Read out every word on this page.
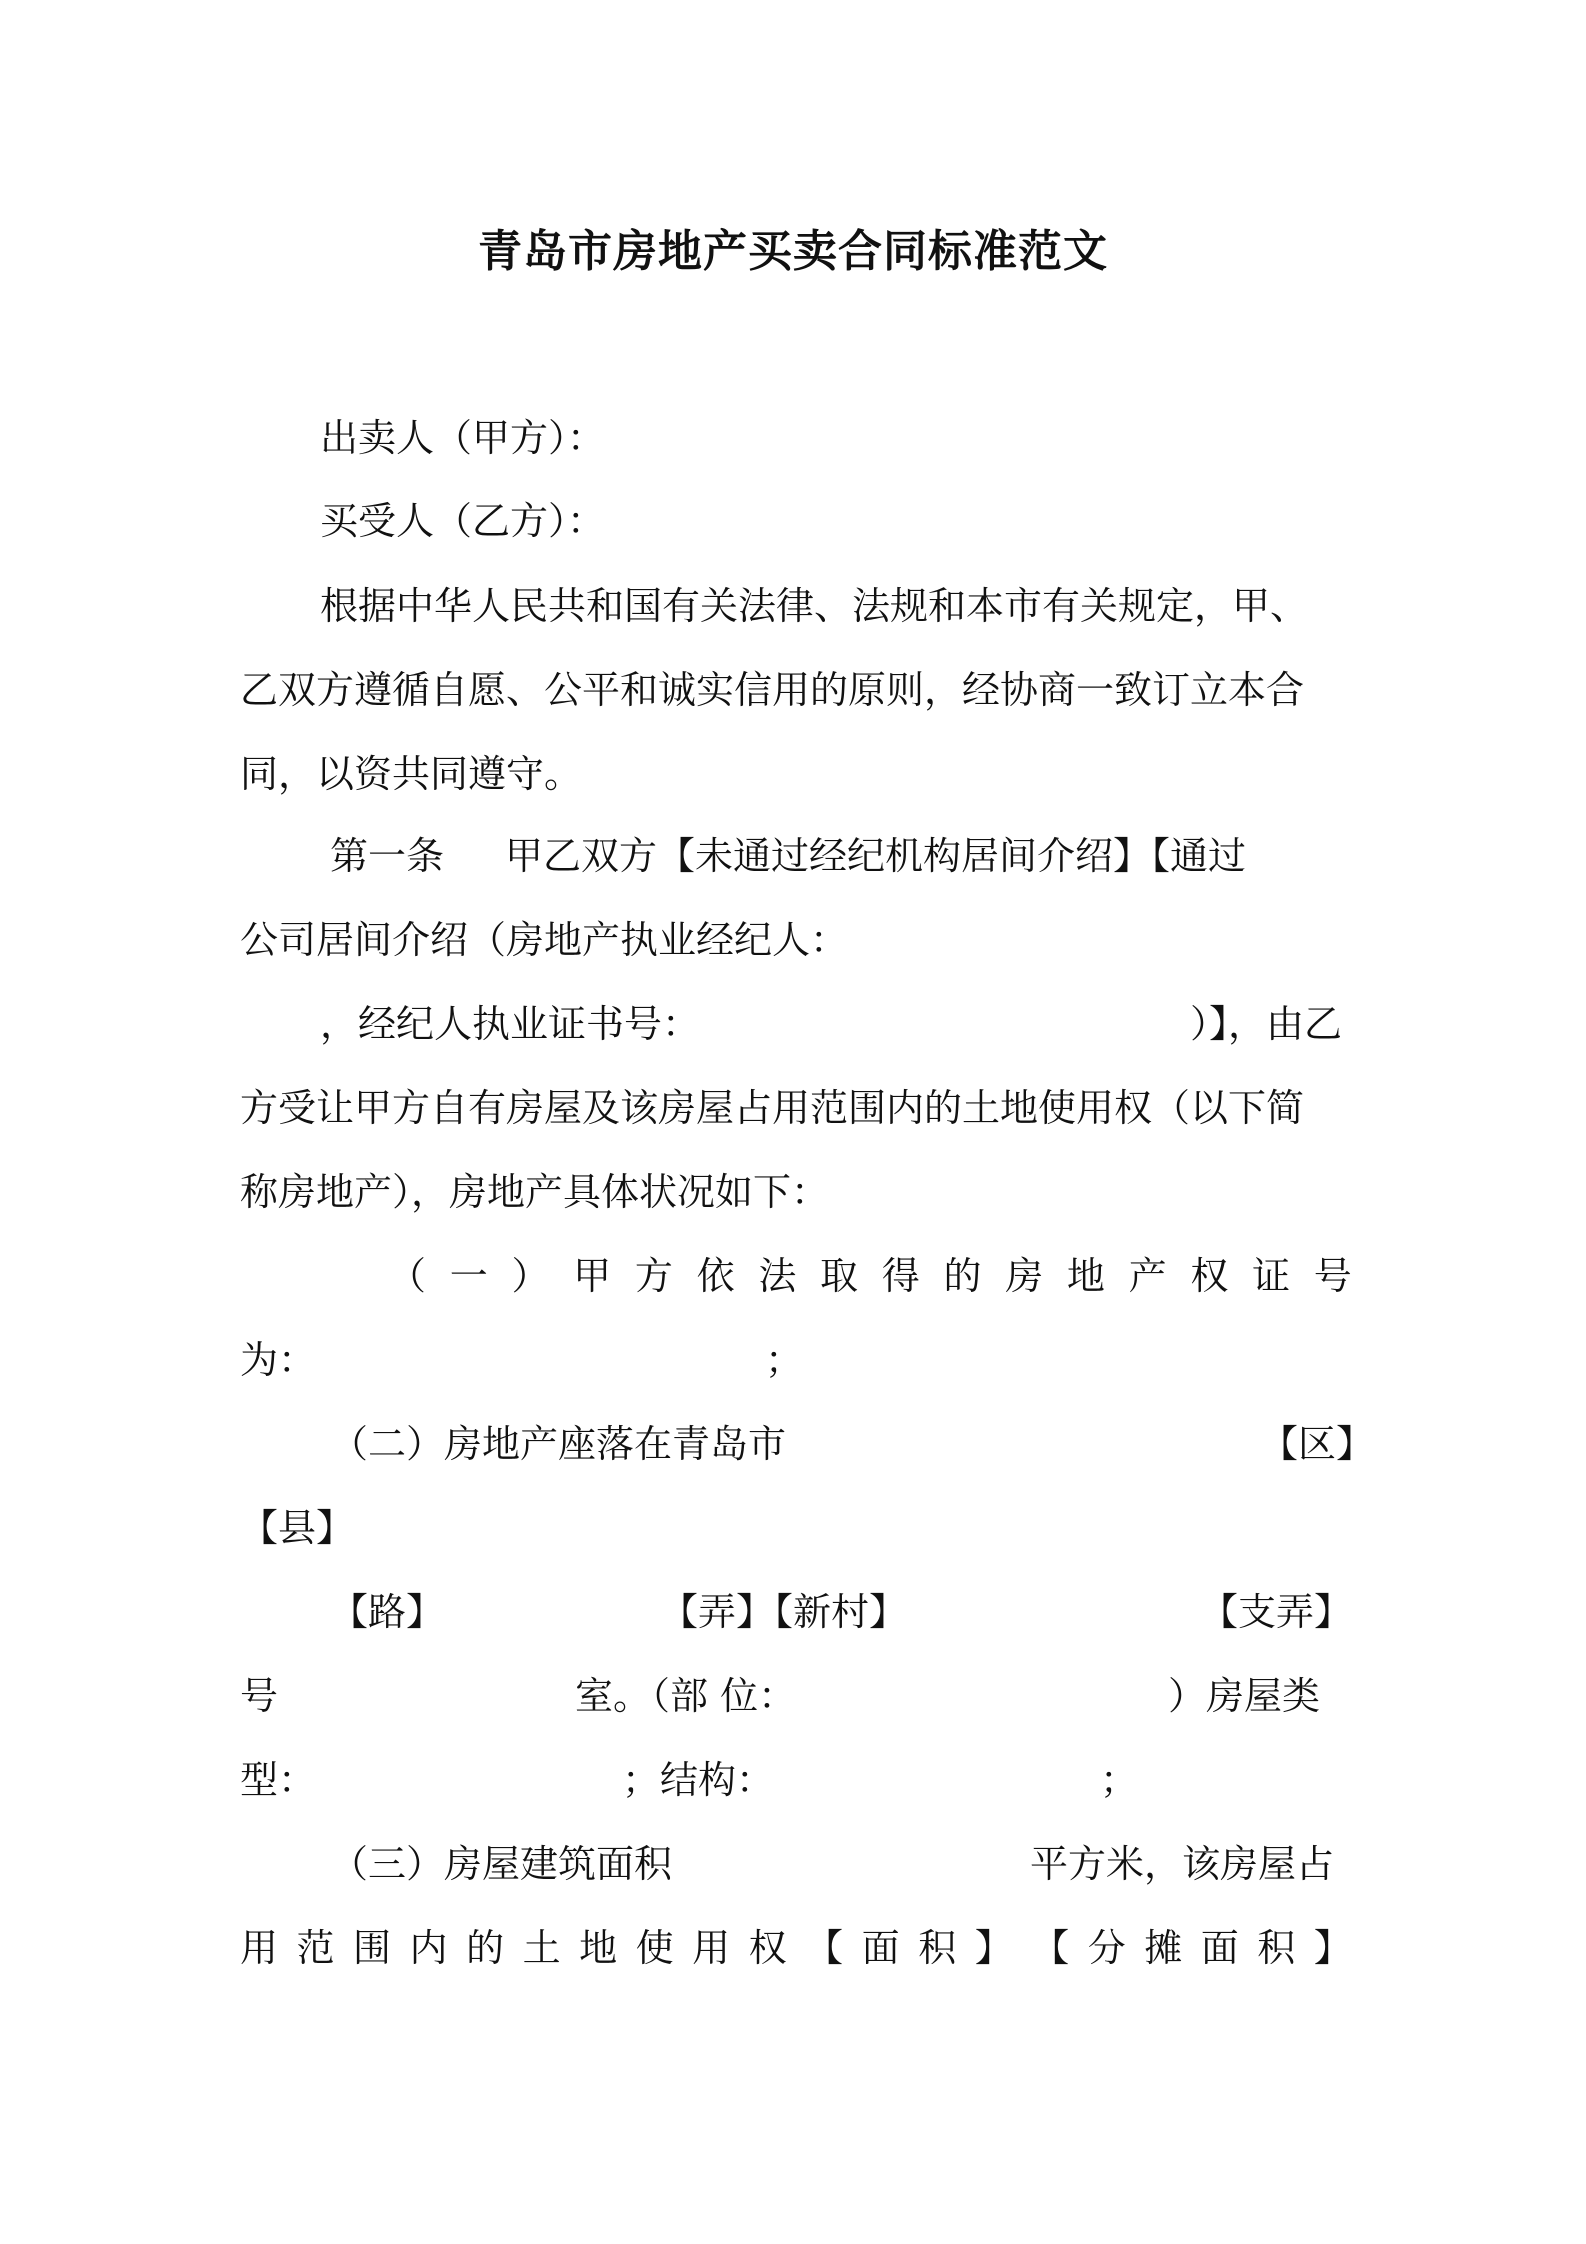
青岛市房地产买卖合同标准范文
出卖人（甲方）：
买受人（乙方）：
根据中华人民共和国有关法律、法规和本市有关规定，甲、
乙双方遵循自愿、公平和诚实信用的原则，经协商一致订立本合
同，以资共同遵守。
第一条 甲乙双方【未通过经纪机构居间介绍】【通过
公司居间介绍（房地产执业经纪人：
，经纪人执业证书号：	）】，由乙
方受让甲方自有房屋及该房屋占用范围内的土地使用权（以下简
称房地产），房地产具体状况如下：
（ 一 ） 甲 方 依 法 取 得 的 房 地 产 权 证 号
为：	；
（二）房地产座落在青岛市	【区】
【县】
【路】	【弄】【新村】	【支弄】
号	室。（部 位：	）房屋类
型：	；结构：	；
（三）房屋建筑面积	平方米，该房屋占
用 范 围 内 的 土 地 使 用 权 【 面 积 】 【 分 摊 面 积 】
